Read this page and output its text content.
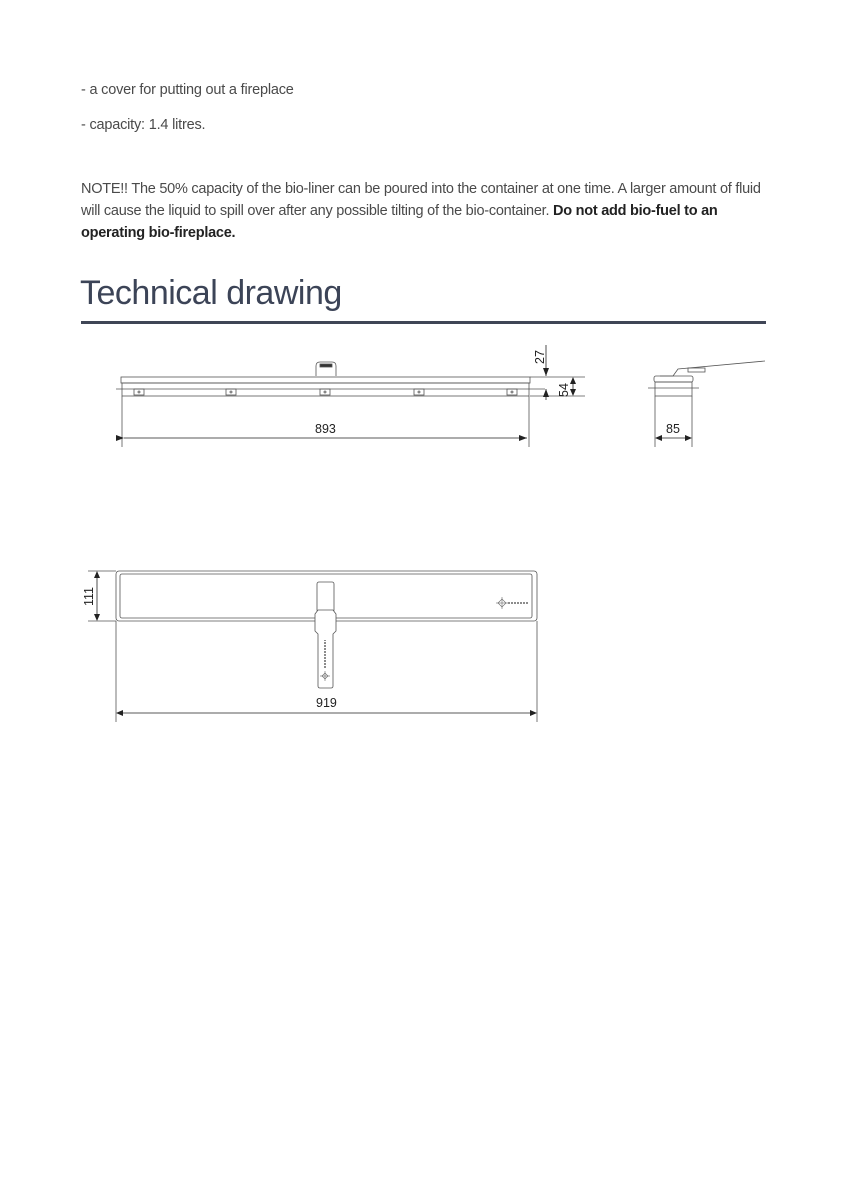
- a cover for putting out a fireplace
- capacity: 1.4 litres.
NOTE!! The 50% capacity of the bio-liner can be poured into the container at one time. A larger amount of fluid will cause the liquid to spill over after any possible tilting of the bio-container. Do not add bio-fuel to an operating bio-fireplace.
Technical drawing
893
27
54
85
111
919
